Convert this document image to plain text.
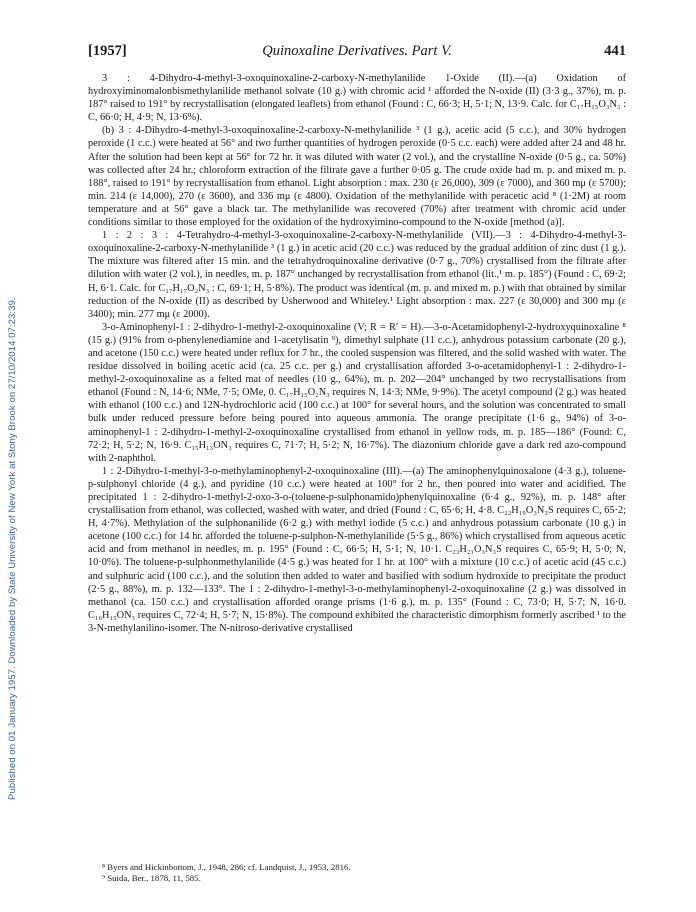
Published on 01 January 1957. Downloaded by State University of New York at Stony Brook on 27/10/2014 07:23:39.
[1957]	Quinoxaline Derivatives. Part V.	441

3 : 4-Dihydro-4-methyl-3-oxoquinoxaline-2-carboxy-N-methylanilide 1-Oxide (II).—(a) Oxidation of hydroxyiminomalonbismethylanilide methanol solvate (10 g.) with chromic acid ¹ afforded the N-oxide (II) (3·3 g., 37%), m. p. 187° raised to 191° by recrystallisation (elongated leaflets) from ethanol (Found : C, 66·3; H, 5·1; N, 13·9. Calc. for C₁₇H₁₅O₃N₃ : C, 66·0; H, 4·9; N, 13·6%).

(b) 3 : 4-Dihydro-4-methyl-3-oxoquinoxaline-2-carboxy-N-methylanilide ³ (1 g.), acetic acid (5 c.c.), and 30% hydrogen peroxide (1 c.c.) were heated at 56° and two further quantities of hydrogen peroxide (0·5 c.c. each) were added after 24 and 48 hr. After the solution had been kept at 56° for 72 hr. it was diluted with water (2 vol.), and the crystalline N-oxide (0·5 g., ca. 50%) was collected after 24 hr.; chloroform extraction of the filtrate gave a further 0·05 g. The crude oxide had m. p. and mixed m. p. 188°, raised to 191° by recrystallisation from ethanol. Light absorption : max. 230 (ε 26,000), 309 (ε 7000), and 360 mμ (ε 5700); min. 214 (ε 14,000), 270 (ε 3600), and 336 mμ (ε 4800). Oxidation of the methylanilide with peracetic acid ⁸ (1·2M) at room temperature and at 56° gave a black tar. The methylanilide was recovered (70%) after treatment with chromic acid under conditions similar to those employed for the oxidation of the hydroxyimino-compound to the N-oxide [method (a)].

1 : 2 : 3 : 4-Tetrahydro-4-methyl-3-oxoquinoxaline-2-carboxy-N-methylanilide (VII).—3 : 4-Dihydro-4-methyl-3-oxoquinoxaline-2-carboxy-N-methylanilide ³ (1 g.) in acetic acid (20 c.c.) was reduced by the gradual addition of zinc dust (1 g.). The mixture was filtered after 15 min. and the tetrahydroquinoxaline derivative (0·7 g., 70%) crystallised from the filtrate after dilution with water (2 vol.), in needles, m. p. 187° unchanged by recrystallisation from ethanol (lit.,¹ m. p. 185°) (Found : C, 69·2; H, 6·1. Calc. for C₁₇H₁₇O₂N₃ : C, 69·1; H, 5·8%). The product was identical (m. p. and mixed m. p.) with that obtained by similar reduction of the N-oxide (II) as described by Usherwood and Whiteley.¹ Light absorption : max. 227 (ε 30,000) and 300 mμ (ε 3400); min. 277 mμ (ε 2000).

3-o-Aminophenyl-1 : 2-dihydro-1-methyl-2-oxoquinoxaline (V; R = R′ = H).—3-o-Acetamidophenyl-2-hydroxyquinoxaline ⁸ (15 g.) (91% from o-phenylenediamine and 1-acetylisatin ⁹), dimethyl sulphate (11 c.c.), anhydrous potassium carbonate (20 g.), and acetone (150 c.c.) were heated under reflux for 7 hr., the cooled suspension was filtered, and the solid washed with water. The residue dissolved in boiling acetic acid (ca. 25 c.c. per g.) and crystallisation afforded 3-o-acetamidophenyl-1 : 2-dihydro-1-methyl-2-oxoquinoxaline as a felted mat of needles (10 g., 64%), m. p. 202—204° unchanged by two recrystallisations from ethanol (Found : N, 14·6; NMe, 7·5; OMe, 0. C₁₇H₁₅O₂N₃ requires N, 14·3; NMe, 9·9%). The acetyl compound (2 g.) was heated with ethanol (100 c.c.) and 12N-hydrochloric acid (100 c.c.) at 100° for several hours, and the solution was concentrated to small bulk under reduced pressure before being poured into aqueous ammonia. The orange precipitate (1·6 g., 94%) of 3-o-aminophenyl-1 : 2-dihydro-1-methyl-2-oxoquinoxaline crystallised from ethanol in yellow rods, m. p. 185—186° (Found: C, 72·2; H, 5·2; N, 16·9. C₁₅H₁₃ON₃ requires C, 71·7; H, 5·2; N, 16·7%). The diazonium chloride gave a dark red azo-compound with 2-naphthol.

1 : 2-Dihydro-1-methyl-3-o-methylaminophenyl-2-oxoquinoxaline (III).—(a) The aminophenylquinoxalone (4·3 g.), toluene-p-sulphonyl chloride (4 g.), and pyridine (10 c.c.) were heated at 100° for 2 hr., then poured into water and acidified. The precipitated 1 : 2-dihydro-1-methyl-2-oxo-3-o-(toluene-p-sulphonamido)phenylquinoxaline (6·4 g., 92%), m. p. 148° after crystallisation from ethanol, was collected, washed with water, and dried (Found : C, 65·6; H, 4·8. C₂₂H₁₉O₃N₃S requires C, 65·2; H, 4·7%). Methylation of the sulphonanilide (6·2 g.) with methyl iodide (5 c.c.) and anhydrous potassium carbonate (10 g.) in acetone (100 c.c.) for 14 hr. afforded the toluene-p-sulphon-N-methylanilide (5·5 g., 86%) which crystallised from aqueous acetic acid and from methanol in needles, m. p. 195° (Found : C, 66·5; H, 5·1; N, 10·1. C₂₃H₂₁O₃N₃S requires C, 65·9; H, 5·0; N, 10·0%). The toluene-p-sulphonmethylanilide (4·5 g.) was heated for 1 hr. at 100° with a mixture (10 c.c.) of acetic acid (45 c.c.) and sulphuric acid (100 c.c.), and the solution then added to water and basified with sodium hydroxide to precipitate the product (2·5 g., 88%), m. p. 132—133°. The 1 : 2-dihydro-1-methyl-3-o-methylaminophenyl-2-oxoquinoxaline (2 g.) was dissolved in methanol (ca. 150 c.c.) and crystallisation afforded orange prisms (1·6 g.), m. p. 135° (Found : C, 73·0; H, 5·7; N, 16·0. C₁₆H₁₅ON₃ requires C, 72·4; H, 5·7; N, 15·8%). The compound exhibited the characteristic dimorphism formerly ascribed ¹ to the 3-N-methylanilino-isomer. The N-nitroso-derivative crystallised

⁸ Byers and Hickinbottom, J., 1948, 286; cf. Landquist, J., 1953, 2816.
⁹ Suida, Ber., 1878, 11, 585.
